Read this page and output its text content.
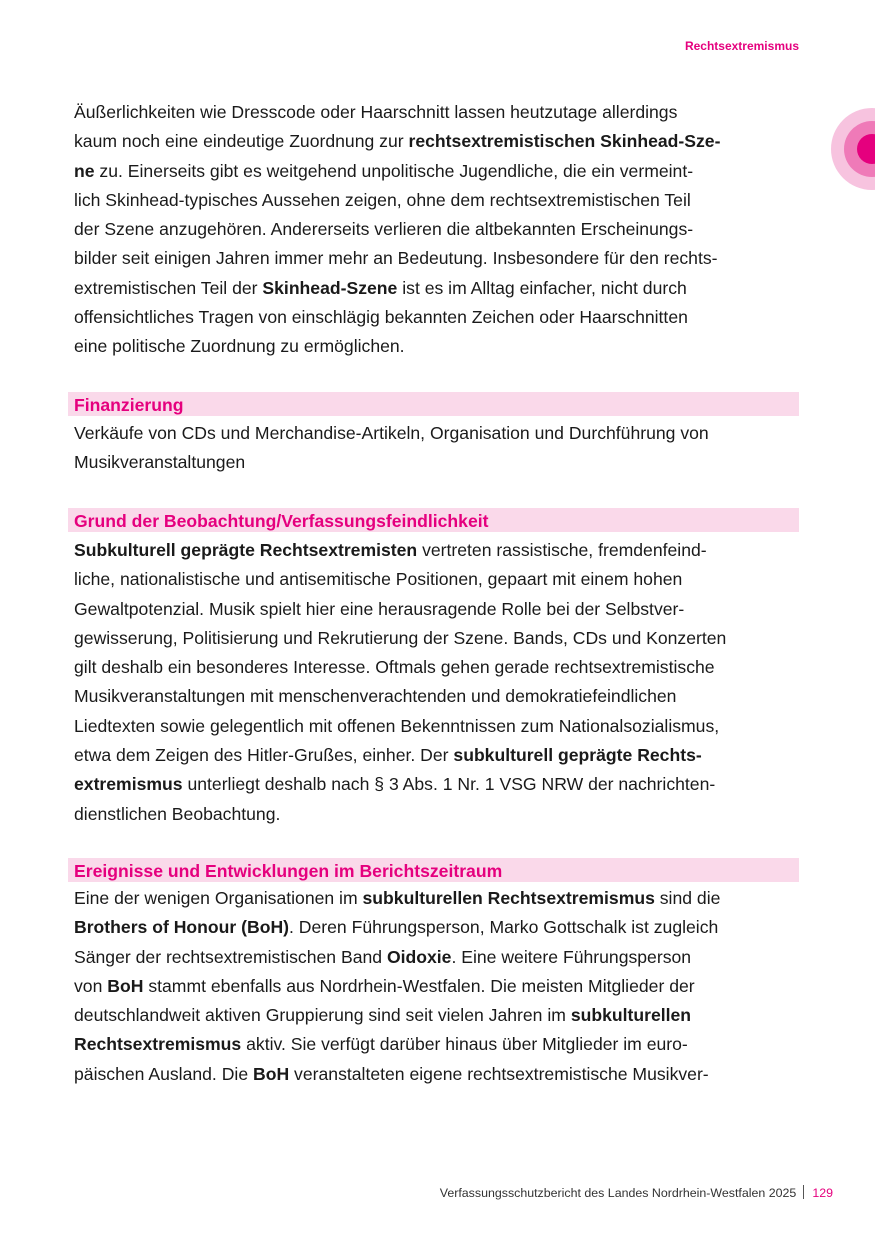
Rechtsextremismus

Äußerlichkeiten wie Dresscode oder Haarschnitt lassen heutzutage allerdings
kaum noch eine eindeutige Zuordnung zur rechtsextremistischen Skinhead-Sze-
ne zu. Einerseits gibt es weitgehend unpolitische Jugendliche, die ein vermeint-
lich Skinhead-typisches Aussehen zeigen, ohne dem rechtsextremistischen Teil
der Szene anzugehören. Andererseits verlieren die altbekannten Erscheinungs-
bilder seit einigen Jahren immer mehr an Bedeutung. Insbesondere für den rechts-
extremistischen Teil der Skinhead-Szene ist es im Alltag einfacher, nicht durch
offensichtliches Tragen von einschlägig bekannten Zeichen oder Haarschnitten
eine politische Zuordnung zu ermöglichen.

Finanzierung

Verkäufe von CDs und Merchandise-Artikeln, Organisation und Durchführung von
Musikveranstaltungen

Grund der Beobachtung/Verfassungsfeindlichkeit

Subkulturell geprägte Rechtsextremisten vertreten rassistische, fremdenfeind-
liche, nationalistische und antisemitische Positionen, gepaart mit einem hohen
Gewaltpotenzial. Musik spielt hier eine herausragende Rolle bei der Selbstver-
gewisserung, Politisierung und Rekrutierung der Szene. Bands, CDs und Konzerten
gilt deshalb ein besonderes Interesse. Oftmals gehen gerade rechtsextremistische
Musikveranstaltungen mit menschenverachtenden und demokratiefeindlichen
Liedtexten sowie gelegentlich mit offenen Bekenntnissen zum Nationalsozialismus,
etwa dem Zeigen des Hitler-Grußes, einher. Der subkulturell geprägte Rechts-
extremismus unterliegt deshalb nach § 3 Abs. 1 Nr. 1 VSG NRW der nachrichten-
dienstlichen Beobachtung.

Ereignisse und Entwicklungen im Berichtszeitraum

Eine der wenigen Organisationen im subkulturellen Rechtsextremismus sind die
Brothers of Honour (BoH). Deren Führungsperson, Marko Gottschalk ist zugleich
Sänger der rechtsextremistischen Band Oidoxie. Eine weitere Führungsperson
von BoH stammt ebenfalls aus Nordrhein-Westfalen. Die meisten Mitglieder der
deutschlandweit aktiven Gruppierung sind seit vielen Jahren im subkulturellen
Rechtsextremismus aktiv. Sie verfügt darüber hinaus über Mitglieder im euro-
päischen Ausland. Die BoH veranstalteten eigene rechtsextremistische Musikver-

Verfassungsschutzbericht des Landes Nordrhein-Westfalen 2025 129
